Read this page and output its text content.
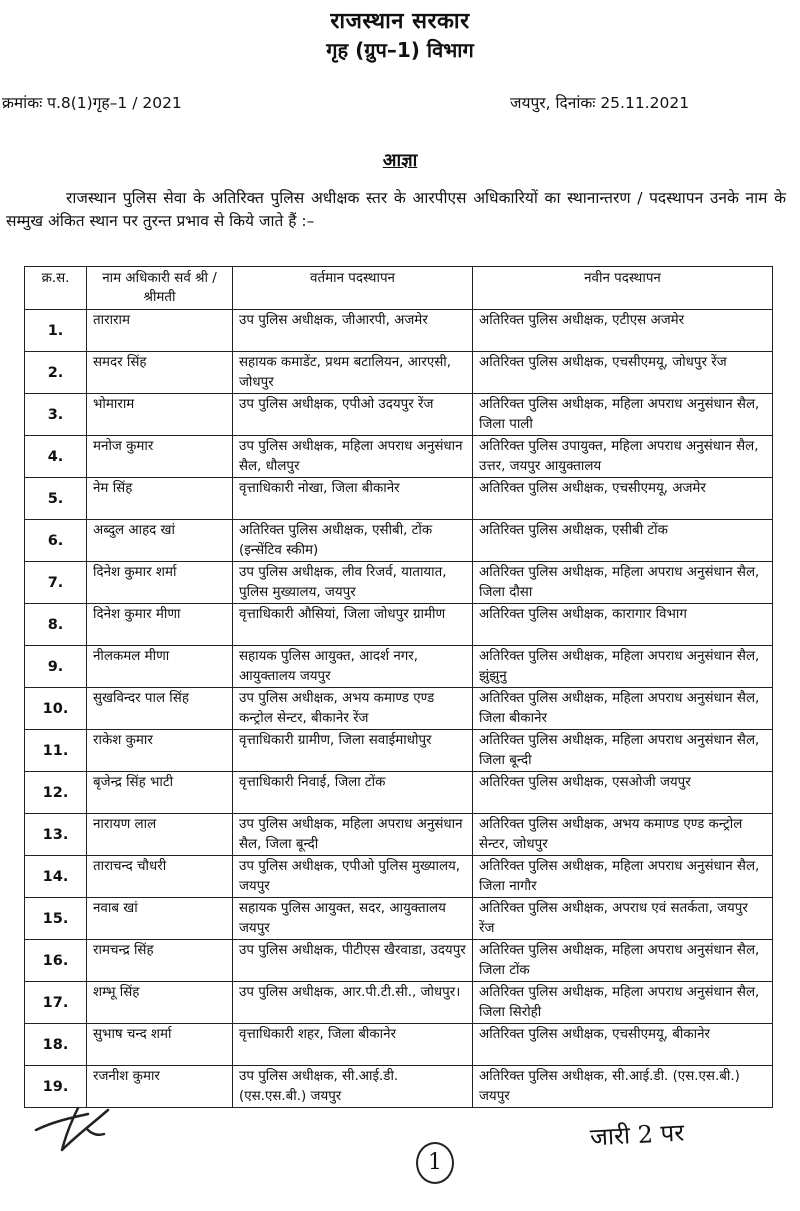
राजस्थान सरकार
गृह (ग्रुप–1) विभाग
क्रमांकः प.8(1)गृह–1 / 2021	जयपुर, दिनांकः 25.11.2021
आज्ञा
राजस्थान पुलिस सेवा के अतिरिक्त पुलिस अधीक्षक स्तर के आरपीएस अधिकारियों का स्थानान्तरण / पदस्थापन उनके नाम के सम्मुख अंकित स्थान पर तुरन्त प्रभाव से किये जाते हैं :–
क्र.स.	नाम अधिकारी सर्व श्री / श्रीमती	वर्तमान पदस्थापन	नवीन पदस्थापन
1.	ताराराम	उप पुलिस अधीक्षक, जीआरपी, अजमेर	अतिरिक्त पुलिस अधीक्षक, एटीएस अजमेर
2.	समदर सिंह	सहायक कमाडेंट, प्रथम बटालियन, आरएसी, जोधपुर	अतिरिक्त पुलिस अधीक्षक, एचसीएमयू, जोधपुर रेंज
3.	भोमाराम	उप पुलिस अधीक्षक, एपीओ उदयपुर रेंज	अतिरिक्त पुलिस अधीक्षक, महिला अपराध अनुसंधान सैल, जिला पाली
4.	मनोज कुमार	उप पुलिस अधीक्षक, महिला अपराध अनुसंधान सैल, धौलपुर	अतिरिक्त पुलिस उपायुक्त, महिला अपराध अनुसंधान सैल, उत्तर, जयपुर आयुक्तालय
5.	नेम सिंह	वृत्ताधिकारी नोखा, जिला बीकानेर	अतिरिक्त पुलिस अधीक्षक, एचसीएमयू, अजमेर
6.	अब्दुल आहद खां	अतिरिक्त पुलिस अधीक्षक, एसीबी, टोंक (इन्सेंटिव स्कीम)	अतिरिक्त पुलिस अधीक्षक, एसीबी टोंक
7.	दिनेश कुमार शर्मा	उप पुलिस अधीक्षक, लीव रिजर्व, यातायात, पुलिस मुख्यालय, जयपुर	अतिरिक्त पुलिस अधीक्षक, महिला अपराध अनुसंधान सैल, जिला दौसा
8.	दिनेश कुमार मीणा	वृत्ताधिकारी औसियां, जिला जोधपुर ग्रामीण	अतिरिक्त पुलिस अधीक्षक, कारागार विभाग
9.	नीलकमल मीणा	सहायक पुलिस आयुक्त, आदर्श नगर, आयुक्तालय जयपुर	अतिरिक्त पुलिस अधीक्षक, महिला अपराध अनुसंधान सैल, झुंझुनु
10.	सुखविन्दर पाल सिंह	उप पुलिस अधीक्षक, अभय कमाण्ड एण्ड कन्ट्रोल सेन्टर, बीकानेर रेंज	अतिरिक्त पुलिस अधीक्षक, महिला अपराध अनुसंधान सैल, जिला बीकानेर
11.	राकेश कुमार	वृत्ताधिकारी ग्रामीण, जिला सवाईमाधोपुर	अतिरिक्त पुलिस अधीक्षक, महिला अपराध अनुसंधान सैल, जिला बून्दी
12.	बृजेन्द्र सिंह भाटी	वृत्ताधिकारी निवाई, जिला टोंक	अतिरिक्त पुलिस अधीक्षक, एसओजी जयपुर
13.	नारायण लाल	उप पुलिस अधीक्षक, महिला अपराध अनुसंधान सैल, जिला बून्दी	अतिरिक्त पुलिस अधीक्षक, अभय कमाण्ड एण्ड कन्ट्रोल सेन्टर, जोधपुर
14.	ताराचन्द चौधरी	उप पुलिस अधीक्षक, एपीओ पुलिस मुख्यालय, जयपुर	अतिरिक्त पुलिस अधीक्षक, महिला अपराध अनुसंधान सैल, जिला नागौर
15.	नवाब खां	सहायक पुलिस आयुक्त, सदर, आयुक्तालय जयपुर	अतिरिक्त पुलिस अधीक्षक, अपराध एवं सतर्कता, जयपुर रेंज
16.	रामचन्द्र सिंह	उप पुलिस अधीक्षक, पीटीएस खैरवाडा, उदयपुर	अतिरिक्त पुलिस अधीक्षक, महिला अपराध अनुसंधान सैल, जिला टोंक
17.	शम्भू सिंह	उप पुलिस अधीक्षक, आर.पी.टी.सी., जोधपुर।	अतिरिक्त पुलिस अधीक्षक, महिला अपराध अनुसंधान सैल, जिला सिरोही
18.	सुभाष चन्द शर्मा	वृत्ताधिकारी शहर, जिला बीकानेर	अतिरिक्त पुलिस अधीक्षक, एचसीएमयू, बीकानेर
19.	रजनीश कुमार	उप पुलिस अधीक्षक, सी.आई.डी. (एस.एस.बी.) जयपुर	अतिरिक्त पुलिस अधीक्षक, सी.आई.डी. (एस.एस.बी.) जयपुर
1
जारी 2 पर
